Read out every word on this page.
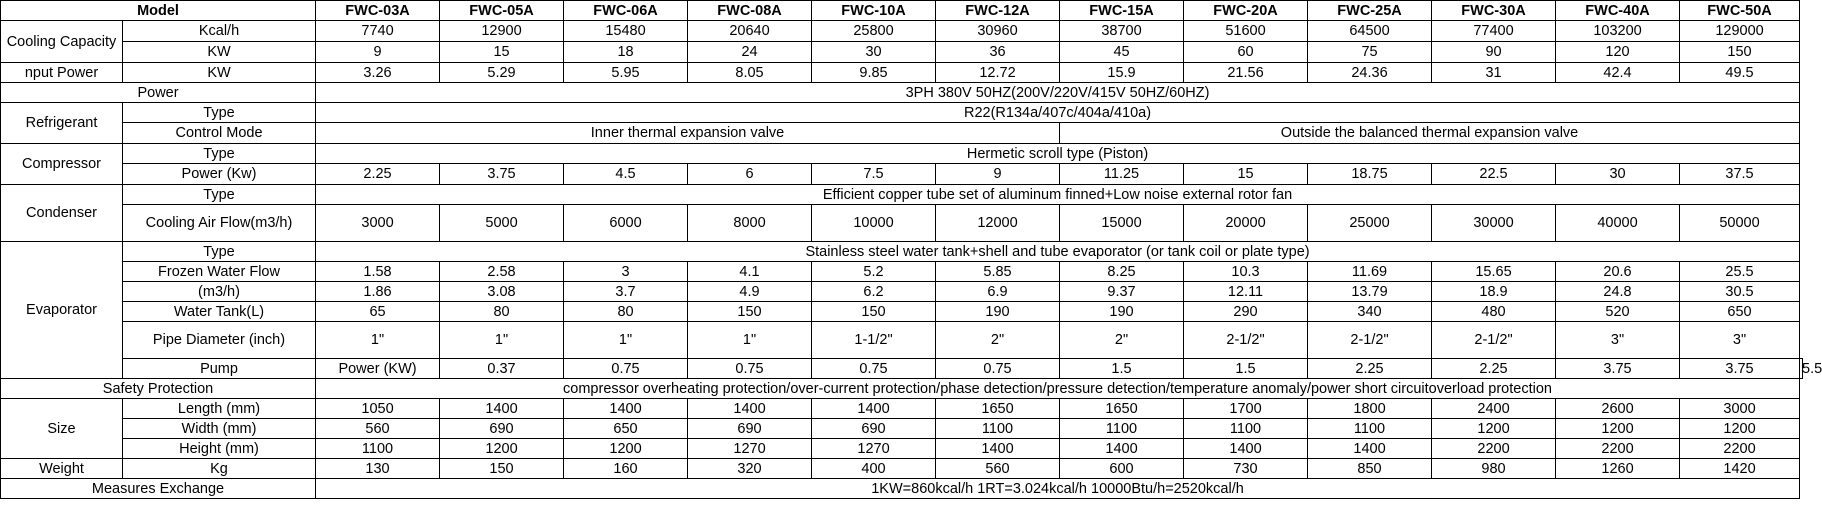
Model		FWC-03A	FWC-05A	FWC-06A	FWC-08A	FWC-10A	FWC-12A	FWC-15A	FWC-20A	FWC-25A	FWC-30A	FWC-40A	FWC-50A	
Cooling Capacity	Kcal/h	7740	12900	15480	20640	25800	30960	38700	51600	64500	77400	103200	129000	
	KW	9	15	18	24	30	36	45	60	75	90	120	150	
nput Power	KW	3.26	5.29	5.95	8.05	9.85	12.72	15.9	21.56	24.36	31	42.4	49.5	
Power		3PH 380V 50HZ(200V/220V/415V 50HZ/60HZ)												
Refrigerant	Type	R22(R134a/407c/404a/410a)												
	Control Mode	Inner thermal expansion valve						Outside the balanced thermal expansion valve						
Compressor	Type	Hermetic scroll type (Piston)												
	Power (Kw)	2.25	3.75	4.5	6	7.5	9	11.25	15	18.75	22.5	30	37.5	
Condenser	Type	Efficient copper tube set of aluminum finned+Low noise external rotor fan												
	Cooling Air Flow(m3/h)	3000	5000	6000	8000	10000	12000	15000	20000	25000	30000	40000	50000	
Evaporator	Type	Stainless steel water tank+shell and tube evaporator (or tank coil or plate type)												
	Frozen Water Flow	1.58	2.58	3	4.1	5.2	5.85	8.25	10.3	11.69	15.65	20.6	25.5	
	(m3/h)	1.86	3.08	3.7	4.9	6.2	6.9	9.37	12.11	13.79	18.9	24.8	30.5	
	Water Tank(L)	65	80	80	150	150	190	190	290	340	480	520	650	
	Pipe Diameter (inch)	1"	1"	1"	1"	1-1/2"	2"	2"	2-1/2"	2-1/2"	2-1/2"	3"	3"	
	Pump	Power (KW)	0.37	0.75	0.75	0.75	0.75	1.5	1.5	2.25	2.25	3.75	3.75	5.5
Safety Protection		compressor overheating protection/over-current protection/phase detection/pressure detection/temperature anomaly/power short circuitoverload protection												
Size	Length (mm)	1050	1400	1400	1400	1400	1650	1650	1700	1800	2400	2600	3000	
	Width (mm)	560	690	650	690	690	1100	1100	1100	1100	1200	1200	1200	
	Height (mm)	1100	1200	1200	1270	1270	1400	1400	1400	1400	2200	2200	2200	
Weight	Kg	130	150	160	320	400	560	600	730	850	980	1260	1420	
Measures Exchange		1KW=860kcal/h 1RT=3.024kcal/h 10000Btu/h=2520kcal/h												
